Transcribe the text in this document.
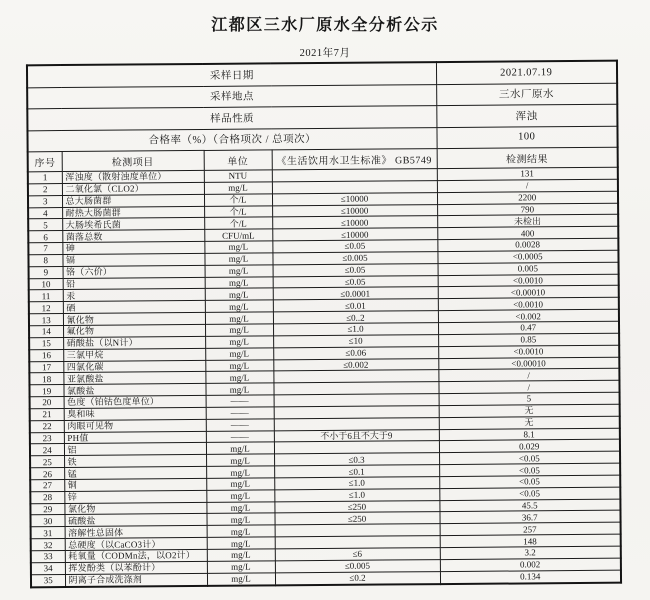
江都区三水厂原水全分析公示
2021年7月
采样日期				2021.07.19
采样地点				三水厂原水
样品性质				浑浊
合格率（%）（合格项次 / 总项次）				100
序号	检测项目	单位	《生活饮用水卫生标准》 GB5749	检测结果
1	浑浊度（散射浊度单位）	NTU		131
2	二氧化氯（CLO2）	mg/L		/
3	总大肠菌群	个/L	≤10000	2200
4	耐热大肠菌群	个/L	≤10000	790
5	大肠埃希氏菌	个/L	≤10000	未检出
6	菌落总数	CFU/mL	≤10000	400
7	砷	mg/L	≤0.05	0.0028
8	镉	mg/L	≤0.005	<0.0005
9	铬（六价）	mg/L	≤0.05	0.005
10	铅	mg/L	≤0.05	<0.0010
11	汞	mg/L	≤0.0001	<0.00010
12	硒	mg/L	≤0.01	<0.0010
13	氰化物	mg/L	≤0..2	<0.002
14	氟化物	mg/L	≤1.0	0.47
15	硝酸盐（以N计）	mg/L	≤10	0.85
16	三氯甲烷	mg/L	≤0.06	<0.0010
17	四氯化碳	mg/L	≤0.002	<0.00010
18	亚氯酸盐	mg/L		/
19	氯酸盐	mg/L		/
20	色度（铂钴色度单位）	——		5
21	臭和味	——		无
22	肉眼可见物	——		无
23	PH值	——	不小于6且不大于9	8.1
24	铝	mg/L		0.029
25	铁	mg/L	≤0.3	<0.05
26	锰	mg/L	≤0.1	<0.05
27	铜	mg/L	≤1.0	<0.05
28	锌	mg/L	≤1.0	<0.05
29	氯化物	mg/L	≤250	45.5
30	硫酸盐	mg/L	≤250	36.7
31	溶解性总固体	mg/L		257
32	总硬度（以CaCO3计）	mg/L		148
33	耗氧量（CODMn法，以O2计）	mg/L	≤6	3.2
34	挥发酚类（以苯酚计）	mg/L	≤0.005	0.002
35	阴离子合成洗涤剂	mg/L	≤0.2	0.134
